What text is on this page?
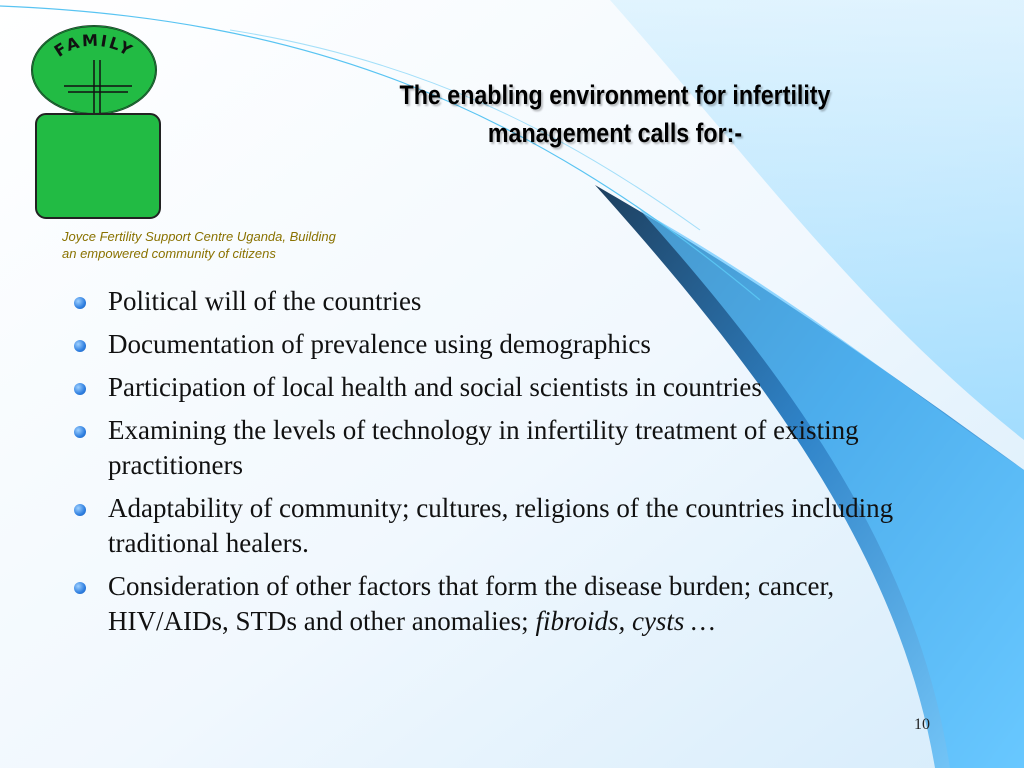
FAMILY

Joyce Fertility Support Centre Uganda, Building
an empowered community of citizens

The enabling environment for infertility
management calls for:-
Political will of the countries
Documentation of prevalence using demographics
Participation of local health and social scientists in countries
Examining the levels of technology in infertility treatment of existing practitioners
Adaptability of community; cultures, religions of the countries including traditional healers.
Consideration of other factors that form the disease burden; cancer, HIV/AIDs, STDs and other anomalies; fibroids, cysts …

10
